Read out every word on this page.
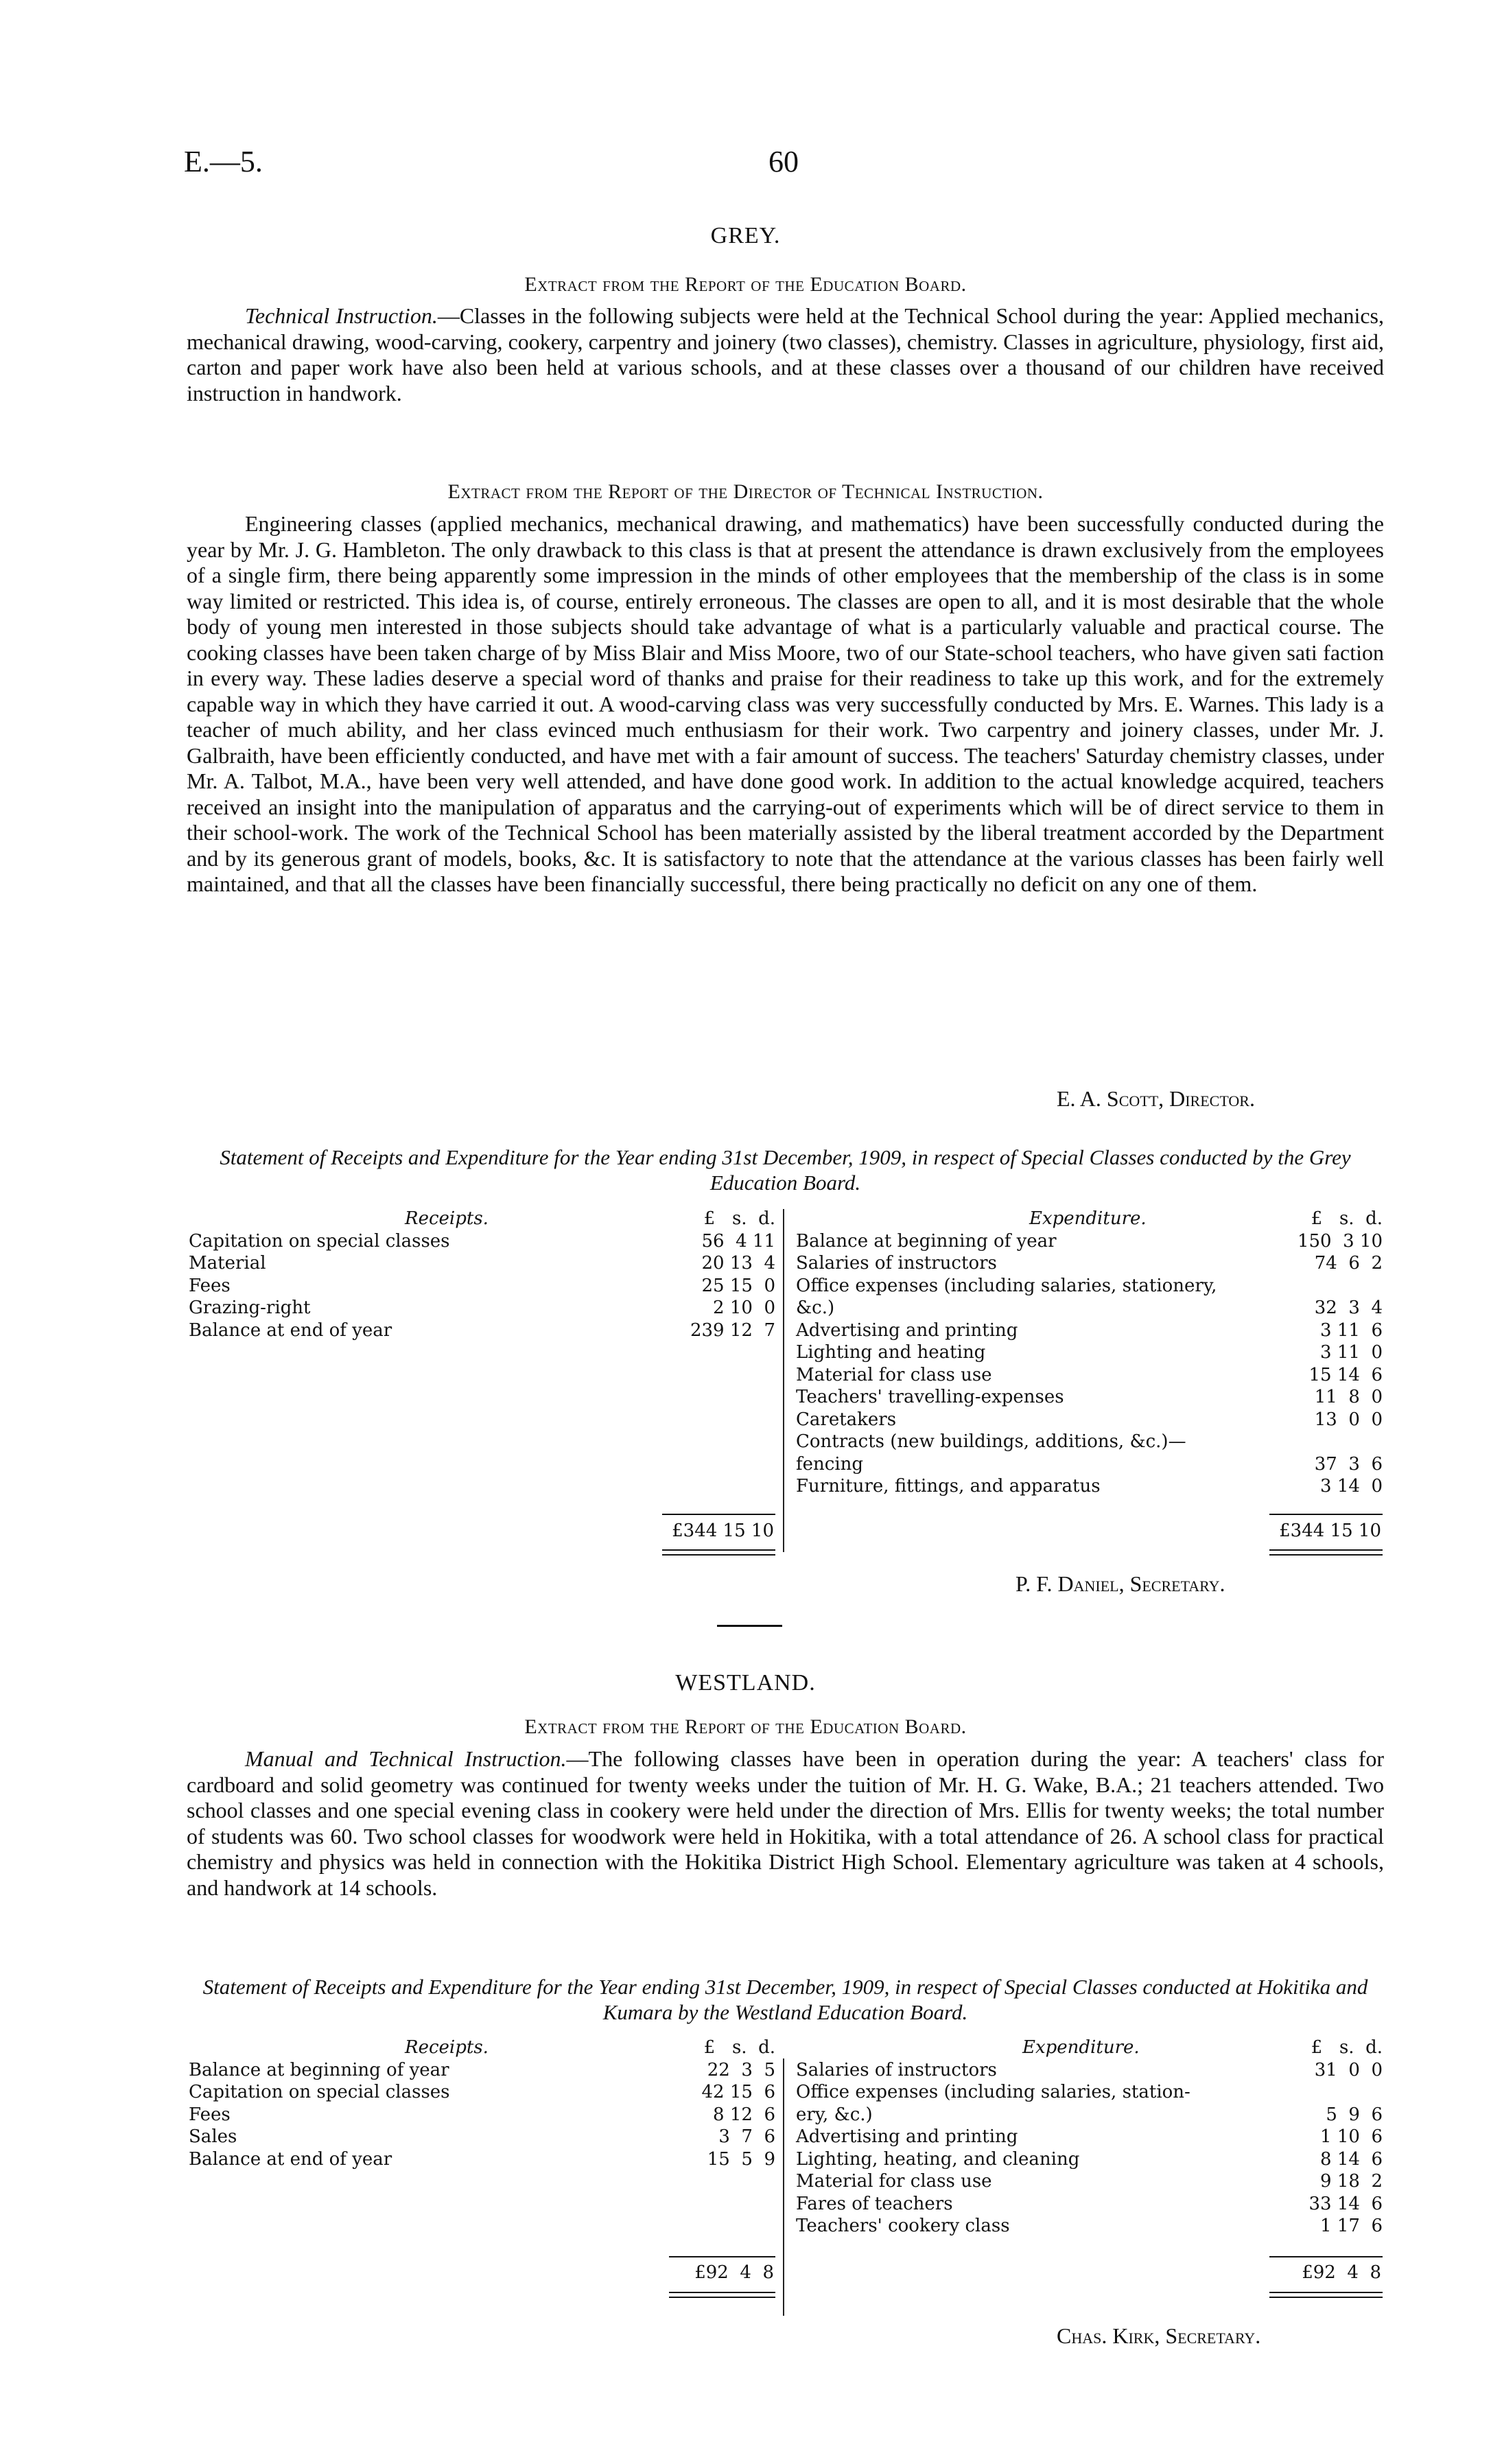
E.—5.	60
GREY.
Extract from the Report of the Education Board.

Technical Instruction.—Classes in the following subjects were held at the Technical School during the year: Applied mechanics, mechanical drawing, wood-carving, cookery, carpentry and joinery (two classes), chemistry. Classes in agriculture, physiology, first aid, carton and paper work have also been held at various schools, and at these classes over a thousand of our children have received instruction in handwork.

Extract from the Report of the Director of Technical Instruction.

Engineering classes (applied mechanics, mechanical drawing, and mathematics) have been successfully conducted during the year by Mr. J. G. Hambleton. The only drawback to this class is that at present the attendance is drawn exclusively from the employees of a single firm, there being apparently some impression in the minds of other employees that the membership of the class is in some way limited or restricted. This idea is, of course, entirely erroneous. The classes are open to all, and it is most desirable that the whole body of young men interested in those subjects should take advantage of what is a particularly valuable and practical course. The cooking classes have been taken charge of by Miss Blair and Miss Moore, two of our State-school teachers, who have given sati faction in every way. These ladies deserve a special word of thanks and praise for their readiness to take up this work, and for the extremely capable way in which they have carried it out. A wood-carving class was very successfully conducted by Mrs. E. Warnes. This lady is a teacher of much ability, and her class evinced much enthusiasm for their work. Two carpentry and joinery classes, under Mr. J. Galbraith, have been efficiently conducted, and have met with a fair amount of success. The teachers' Saturday chemistry classes, under Mr. A. Talbot, M.A., have been very well attended, and have done good work. In addition to the actual knowledge acquired, teachers received an insight into the manipulation of apparatus and the carrying-out of experiments which will be of direct service to them in their school-work. The work of the Technical School has been materially assisted by the liberal treatment accorded by the Department and by its generous grant of models, books, &c. It is satisfactory to note that the attendance at the various classes has been fairly well maintained, and that all the classes have been financially successful, there being practically no deficit on any one of them.

E. A. Scott, Director.
Statement of Receipts and Expenditure for the Year ending 31st December, 1909, in respect of Special Classes conducted by the Grey Education Board.
Receipts.	£   s.  d.
Capitation on special classes	56  4 11
Material	20 13  4
Fees	25 15  0
Grazing-right	2 10  0
Balance at end of year	239 12  7
Expenditure.	£   s.  d.
Balance at beginning of year	150  3 10
Salaries of instructors	74  6  2
Office expenses (including salaries, stationery,
&c.)	32  3  4
Advertising and printing	3 11  6
Lighting and heating	3 11  0
Material for class use	15 14  6
Teachers' travelling-expenses	11  8  0
Caretakers	13  0  0
Contracts (new buildings, additions, &c.)—
fencing	37  3  6
Furniture, fittings, and apparatus	3 14  0
£344 15 10	£344 15 10
P. F. Daniel, Secretary.
WESTLAND.
Extract from the Report of the Education Board.

Manual and Technical Instruction.—The following classes have been in operation during the year: A teachers' class for cardboard and solid geometry was continued for twenty weeks under the tuition of Mr. H. G. Wake, B.A.; 21 teachers attended. Two school classes and one special evening class in cookery were held under the direction of Mrs. Ellis for twenty weeks; the total number of students was 60. Two school classes for woodwork were held in Hokitika, with a total attendance of 26. A school class for practical chemistry and physics was held in connection with the Hokitika District High School. Elementary agriculture was taken at 4 schools, and handwork at 14 schools.

Statement of Receipts and Expenditure for the Year ending 31st December, 1909, in respect of Special Classes conducted at Hokitika and Kumara by the Westland Education Board.
Receipts.	£   s.  d.
Balance at beginning of year	22  3  5
Capitation on special classes	42 15  6
Fees	8 12  6
Sales	3  7  6
Balance at end of year	15  5  9
Expenditure.	£   s.  d.
Salaries of instructors	31  0  0
Office expenses (including salaries, station-
ery, &c.)	5  9  6
Advertising and printing	1 10  6
Lighting, heating, and cleaning	8 14  6
Material for class use	9 18  2
Fares of teachers	33 14  6
Teachers' cookery class	1 17  6
£92  4  8	£92  4  8
Chas. Kirk, Secretary.
